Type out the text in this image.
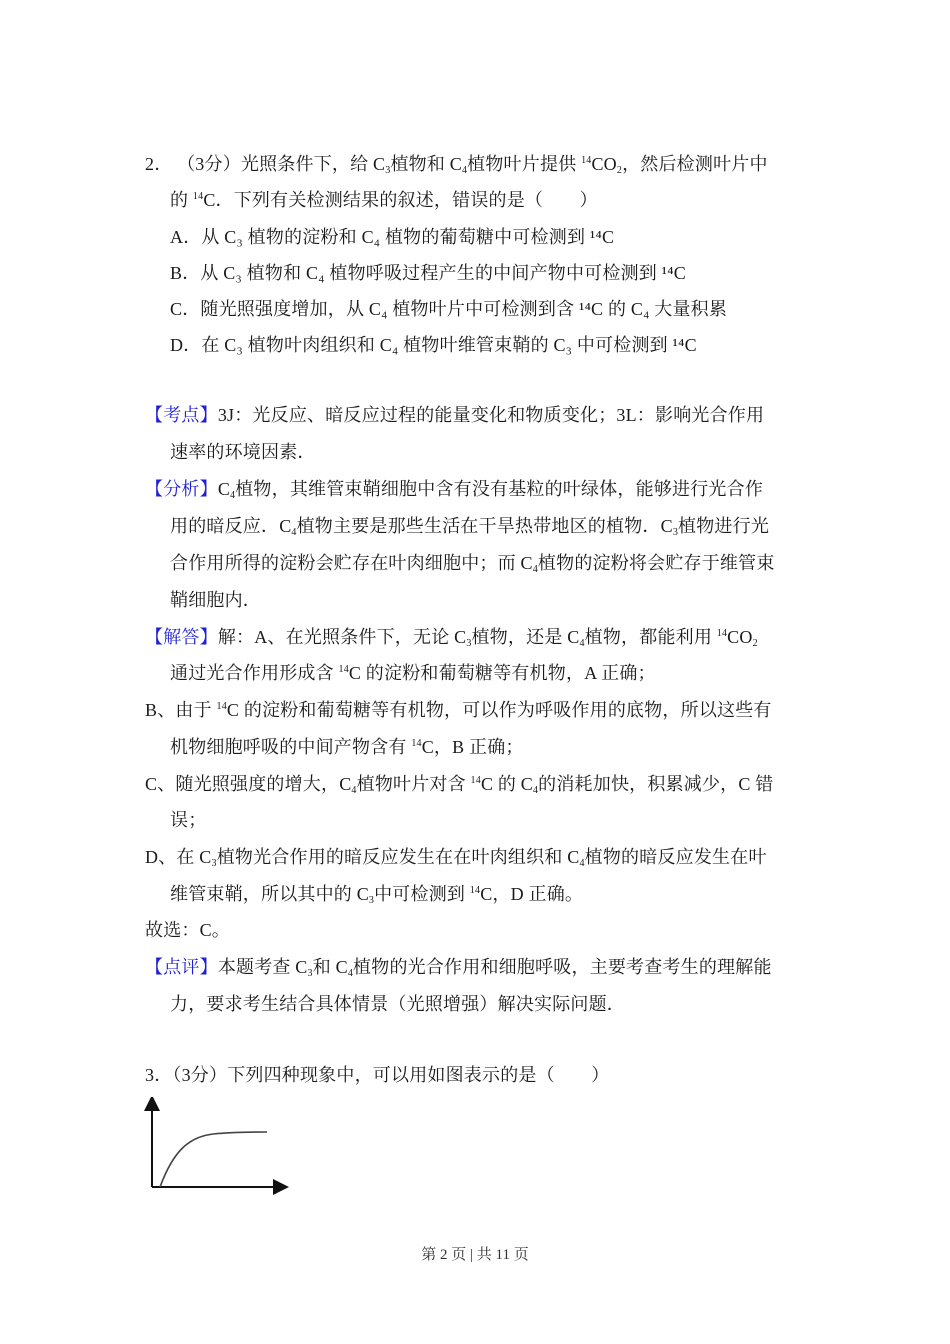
2． （3分）光照条件下，给 $C_3$植物和 $C_4$植物叶片提供 $^{14}CO_2$，然后检测叶片中
的 $^{14}$C．下列有关检测结果的叙述，错误的是（　　）
A．从 C₃ 植物的淀粉和 C₄ 植物的葡萄糖中可检测到 ¹⁴C
B．从 C₃ 植物和 C₄ 植物呼吸过程产生的中间产物中可检测到 ¹⁴C
C．随光照强度增加，从 C₄ 植物叶片中可检测到含 ¹⁴C 的 C₄ 大量积累
D．在 C₃ 植物叶肉组织和 C₄ 植物叶维管束鞘的 C₃ 中可检测到 ¹⁴C
【考点】3J：光反应、暗反应过程的能量变化和物质变化；3L：影响光合作用
速率的环境因素．
【分析】$C_4$植物，其维管束鞘细胞中含有没有基粒的叶绿体，能够进行光合作
用的暗反应．$C_4$植物主要是那些生活在干旱热带地区的植物．$C_3$植物进行光
合作用所得的淀粉会贮存在叶肉细胞中；而 $C_4$植物的淀粉将会贮存于维管束
鞘细胞内．
【解答】解：A、在光照条件下，无论 $C_3$植物，还是 $C_4$植物，都能利用 $^{14}CO_2$
通过光合作用形成含 $^{14}$C 的淀粉和葡萄糖等有机物，A 正确；
B、由于 $^{14}$C 的淀粉和葡萄糖等有机物，可以作为呼吸作用的底物，所以这些有
机物细胞呼吸的中间产物含有 $^{14}$C，B 正确；
C、随光照强度的增大，$C_4$植物叶片对含 $^{14}$C 的 $C_4$的消耗加快，积累减少，C 错
误；
D、在 $C_3$植物光合作用的暗反应发生在在叶肉组织和 $C_4$植物的暗反应发生在叶
维管束鞘，所以其中的 $C_3$中可检测到 $^{14}$C，D 正确。
故选：C。
【点评】本题考查 $C_3$和 $C_4$植物的光合作用和细胞呼吸，主要考查考生的理解能
力，要求考生结合具体情景（光照增强）解决实际问题．
3．（3分）下列四种现象中，可以用如图表示的是（　　）
第 2 页 | 共 11 页
